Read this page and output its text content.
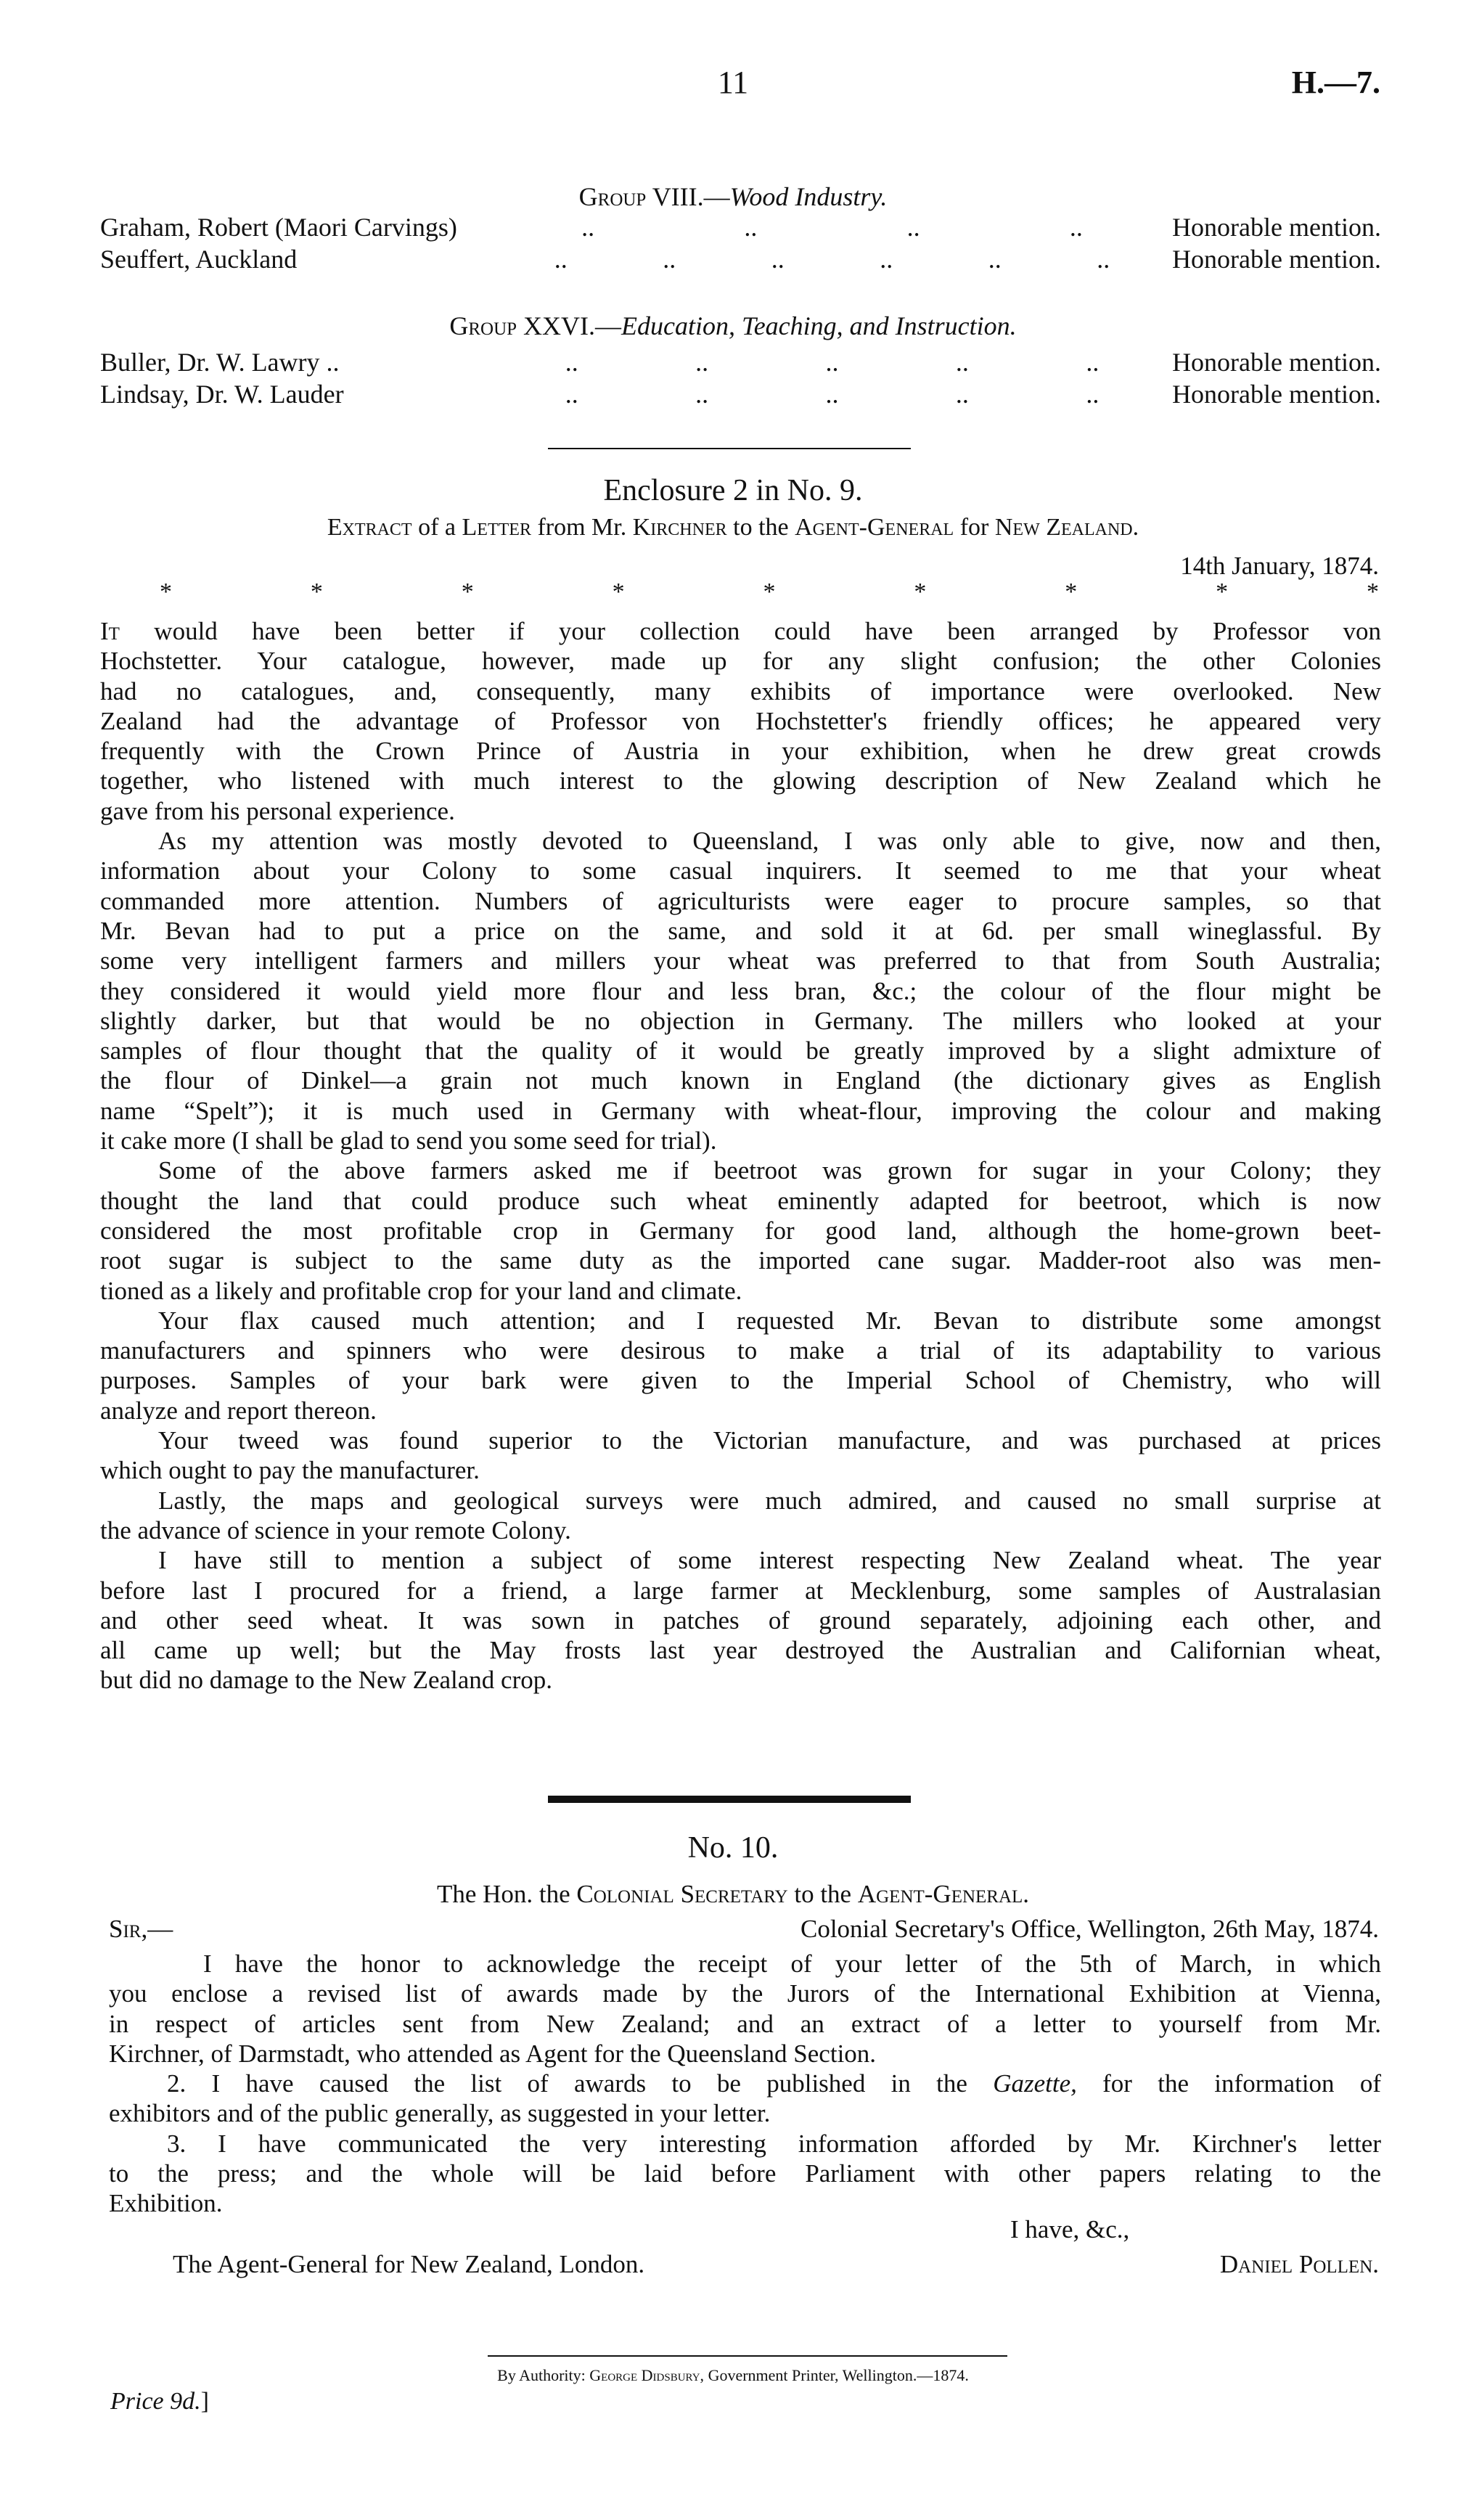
11	H.—7.
Group VIII.—Wood Industry.
Graham, Robert (Maori Carvings)	..	..	..	..	Honorable mention.
Seuffert, Auckland	..	..	..	..	..	.. Honorable mention.
Group XXVI.—Education, Teaching, and Instruction.
Buller, Dr. W. Lawry ..	..	..	..	..	..	Honorable mention.
Lindsay, Dr. W. Lauder	..	..	..	..	..	Honorable mention.
Enclosure 2 in No. 9.
Extract of a Letter from Mr. Kirchner to the Agent-General for New Zealand.
14th January, 1874.
*	*	*	*	*	*	*	*	*
It would have been better if your collection could have been arranged by Professor von
Hochstetter. Your catalogue, however, made up for any slight confusion; the other Colonies
had no catalogues, and, consequently, many exhibits of importance were overlooked. New
Zealand had the advantage of Professor von Hochstetter's friendly offices; he appeared very
frequently with the Crown Prince of Austria in your exhibition, when he drew great crowds
together, who listened with much interest to the glowing description of New Zealand which he
gave from his personal experience.
As my attention was mostly devoted to Queensland, I was only able to give, now and then,
information about your Colony to some casual inquirers. It seemed to me that your wheat
commanded more attention. Numbers of agriculturists were eager to procure samples, so that
Mr. Bevan had to put a price on the same, and sold it at 6d. per small wineglassful. By
some very intelligent farmers and millers your wheat was preferred to that from South Australia;
they considered it would yield more flour and less bran, &c.; the colour of the flour might be
slightly darker, but that would be no objection in Germany. The millers who looked at your
samples of flour thought that the quality of it would be greatly improved by a slight admixture of
the flour of Dinkel—a grain not much known in England (the dictionary gives as English
name “Spelt”); it is much used in Germany with wheat-flour, improving the colour and making
it cake more (I shall be glad to send you some seed for trial).
Some of the above farmers asked me if beetroot was grown for sugar in your Colony; they
thought the land that could produce such wheat eminently adapted for beetroot, which is now
considered the most profitable crop in Germany for good land, although the home-grown beet-
root sugar is subject to the same duty as the imported cane sugar. Madder-root also was men-
tioned as a likely and profitable crop for your land and climate.
Your flax caused much attention; and I requested Mr. Bevan to distribute some amongst
manufacturers and spinners who were desirous to make a trial of its adaptability to various
purposes. Samples of your bark were given to the Imperial School of Chemistry, who will
analyze and report thereon.
Your tweed was found superior to the Victorian manufacture, and was purchased at prices
which ought to pay the manufacturer.
Lastly, the maps and geological surveys were much admired, and caused no small surprise at
the advance of science in your remote Colony.
I have still to mention a subject of some interest respecting New Zealand wheat. The year
before last I procured for a friend, a large farmer at Mecklenburg, some samples of Australasian
and other seed wheat. It was sown in patches of ground separately, adjoining each other, and
all came up well; but the May frosts last year destroyed the Australian and Californian wheat,
but did no damage to the New Zealand crop.
No. 10.
The Hon. the Colonial Secretary to the Agent-General.
Sir,—	Colonial Secretary's Office, Wellington, 26th May, 1874.
I have the honor to acknowledge the receipt of your letter of the 5th of March, in which
you enclose a revised list of awards made by the Jurors of the International Exhibition at Vienna,
in respect of articles sent from New Zealand; and an extract of a letter to yourself from Mr.
Kirchner, of Darmstadt, who attended as Agent for the Queensland Section.
2. I have caused the list of awards to be published in the Gazette, for the information of
exhibitors and of the public generally, as suggested in your letter.
3. I have communicated the very interesting information afforded by Mr. Kirchner's letter
to the press; and the whole will be laid before Parliament with other papers relating to the
Exhibition.
I have, &c.,
The Agent-General for New Zealand, London.	Daniel Pollen.
By Authority: George Didsbury, Government Printer, Wellington.—1874.
Price 9d.]
